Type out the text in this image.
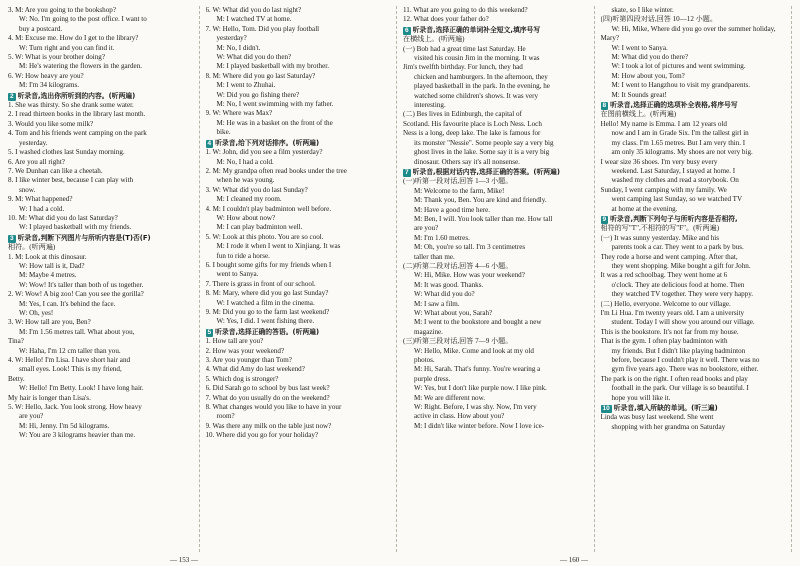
3. M: Are you going to the bookshop?
W: No. I'm going to the post office. I want to
buy a postcard.
4. M: Excuse me. How do I get to the library?
W: Turn right and you can find it.
5. W: What is your brother doing?
M: He's watering the flowers in the garden.
6. W: How heavy are you?
M: I'm 34 kilograms.
2 听录音,选出你所听到的内容。(听两遍)
1. She was thirsty. So she drank some water.
2. I read thirteen books in the library last month.
3. Would you like some milk?
4. Tom and his friends went camping on the park
yesterday.
5. I washed clothes last Sunday morning.
6. Are you all right?
7. We Dunhan can like a cheetah.
8. I like winter best, because I can play with
snow.
9. M: What happened?
W: I had a cold.
10. M: What did you do last Saturday?
W: I played basketball with my friends.
3 听录音,判断下列图片与所听内容是(T)否(F)
相符。(听两遍)
1. M: Look at this dinosaur.
W: How tall is it, Dad?
M: Maybe 4 metres.
W: Wow! It's taller than both of us together.
2. W: Wow! A big zoo! Can you see the gorilla?
M: Yes, I can. It's behind the face.
W: Oh, yes!
3. W: How tall are you, Ben?
M: I'm 1.56 metres tall. What about you,
Tina?
W: Haha, I'm 12 cm taller than you.
4. W: Hello! I'm Lisa. I have short hair and
small eyes. Look! This is my friend,
Betty.
W: Hello! I'm Betty. Look! I have long hair.
My hair is longer than Lisa's.
5. W: Hello, Jack. You look strong. How heavy
are you?
M: Hi, Jenny. I'm 5d kilograms.
W: You are 3 kilograms heavier than me.
6. W: What did you do last night?
M: I watched TV at home.
7. W: Hello, Tom. Did you play football
yesterday?
M: No, I didn't.
W: What did you do then?
M: I played basketball with my brother.
8. M: Where did you go last Saturday?
M: I went to Zhuhai.
W: Did you go fishing there?
M: No, I went swimming with my father.
9. W: Where was Max?
M: He was in a basket on the front of the
bike.
4 听录音,给下列对话排序。(听两遍)
1. W: John, did you see a film yesterday?
M: No, I had a cold.
2. M: My grandpa often read books under the tree
when he was young.
3. W: What did you do last Sunday?
M: I cleaned my room.
4. M: I couldn't play badminton well before.
W: How about now?
M: I can play badminton well.
5. W: Look at this photo. You are so cool.
M: I rode it when I went to Xinjiang. It was
fun to ride a horse.
6. I bought some gifts for my friends when I
went to Sanya.
7. There is grass in front of our school.
8. M: Mary, where did you go last Sunday?
W: I watched a film in the cinema.
9. M: Did you go to the farm last weekend?
W: Yes, I did. I went fishing there.
5 听录音,选择正确的答语。(听两遍)
1. How tall are you?
2. How was your weekend?
3. Are you younger than Tom?
4. What did Amy do last weekend?
5. Which dog is stronger?
6. Did Sarah go to school by bus last week?
7. What do you usually do on the weekend?
8. What changes would you like to have in your
room?
9. Was there any milk on the table just now?
10. Where did you go for your holiday?
11. What are you going to do this weekend?
12. What does your father do?
6 听录音,选择正确的单词补全短文,填序号写
在横线上。(听两遍)
(一) Bob had a great time last Saturday. He
visited his cousin Jim in the morning. It was
Jim's twelfth birthday. For lunch, they had
chicken and hamburgers. In the afternoon, they
played basketball in the park. In the evening, he
watched some children's shows. It was very
interesting.
(二) Bes lives in Edinburgh, the capital of
Scotland. His favourite place is Loch Ness. Loch
Ness is a long, deep lake. The lake is famous for
its monster "Nessie". Some people say a very big
ghost lives in the lake. Some say it is a very big
dinosaur. Others say it's all nonsense.
7 听录音,根据对话内容,选择正确的答案。(听两遍)
(一)听第一段对话,回答 1—3 小题。
M: Welcome to the farm, Mike!
M: Thank you, Ben. You are kind and friendly.
M: Have a good time here.
M: Ben, I will. You look taller than me. How tall
are you?
M: I'm 1.60 metres.
M: Oh, you're so tall. I'm 3 centimetres
taller than me.
(二)听第二段对话,回答 4—6 小题。
W: Hi, Mike. How was your weekend?
M: It was good. Thanks.
W: What did you do?
M: I saw a film.
W: What about you, Sarah?
M: I went to the bookstore and bought a new
magazine.
(三)听第三段对话,回答 7—9 小题。
W: Hello, Mike. Come and look at my old
photos.
M: Hi, Sarah. That's funny. You're wearing a
purple dress.
W: Yes, but I don't like purple now. I like pink.
M: We are different now.
W: Right. Before, I was shy. Now, I'm very
active in class. How about you?
M: I didn't like winter before. Now I love ice-
skate, so I like winter.
(四)听第四段对话,回答 10—12 小题。
W: Hi, Mike, Where did you go over the summer holiday,
Mary?
W: I went to Sanya.
M: What did you do there?
W: I took a lot of pictures and went swimming.
M: How about you, Tom?
M: I went to Hangzhou to visit my grandparents.
M: It Sounds great!
8 听录音,选择正确的选项补全表格,将序号写
在图前横线上。(听两遍)
Hello! My name is Emma. I am 12 years old
now and I am in Grade Six. I'm the tallest girl in
my class. I'm 1.65 metres. But I am very thin. I
am only 35 kilograms. My shoes are not very big.
I wear size 36 shoes. I'm very busy every
weekend. Last Saturday, I stayed at home. I
washed my clothes and read a storybook. On
Sunday, I went camping with my family. We
went camping last Sunday, so we watched TV
at home at the evening.
9 听录音,判断下列句子与所听内容是否相符,
相符的写"T",不相符的写"F"。(听两遍)
(一) It was sunny yesterday. Mike and his
parents took a car. They went to a park by bus.
They rode a horse and went camping. After that,
they went shopping. Mike bought a gift for John.
It was a red schoolbag. They went home at 6
o'clock. They ate delicious food at home. Then
they watched TV together. They were very happy.
(二) Hello, everyone. Welcome to our village.
I'm Li Hua. I'm twenty years old. I am a university
student. Today I will show you around our village.
This is the bookstore. It's not far from my house.
That is the gym. I often play badminton with
my friends. But I didn't like playing badminton
before, because I couldn't play it well. There was no
gym five years ago. There was no bookstore, either.
The park is on the right. I often read books and play
football in the park. Our village is so beautiful. I
hope you will like it.
10 听录音,填入所缺的单词。(听三遍)
Linda was busy last weekend. She went
shopping with her grandma on Saturday
— 153 —	— 160 —
